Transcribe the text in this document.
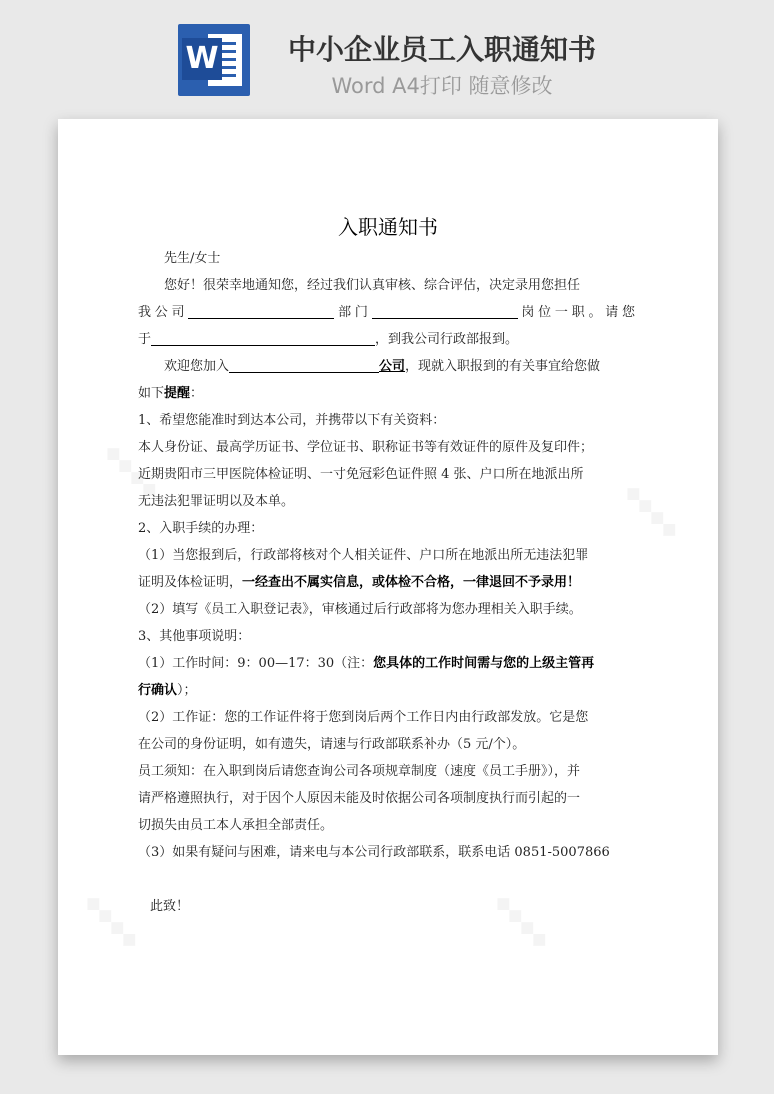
W	中小企业员工入职通知书
Word A4打印 随意修改
入职通知书

先生/女士

您好！很荣幸地通知您，经过我们认真审核、综合评估，决定录用您担任

我公司	部门	岗位一职。请您

于	，到我公司行政部报到。

欢迎您加入	公司，现就入职报到的有关事宜给您做

如下提醒：

1、希望您能准时到达本公司，并携带以下有关资料：

本人身份证、最高学历证书、学位证书、职称证书等有效证件的原件及复印件；

近期贵阳市三甲医院体检证明、一寸免冠彩色证件照 4 张、户口所在地派出所

无违法犯罪证明以及本单。

2、入职手续的办理：

（1）当您报到后，行政部将核对个人相关证件、户口所在地派出所无违法犯罪

证明及体检证明，一经查出不属实信息，或体检不合格，一律退回不予录用！

（2）填写《员工入职登记表》，审核通过后行政部将为您办理相关入职手续。

3、其他事项说明：

（1）工作时间：9：00—17：30（注：您具体的工作时间需与您的上级主管再

行确认）；

（2）工作证：您的工作证件将于您到岗后两个工作日内由行政部发放。它是您

在公司的身份证明，如有遗失，请速与行政部联系补办（5 元/个）。

员工须知：在入职到岗后请您查询公司各项规章制度（速度《员工手册》），并

请严格遵照执行，对于因个人原因未能及时依据公司各项制度执行而引起的一

切损失由员工本人承担全部责任。

（3）如果有疑问与困难，请来电与本公司行政部联系，联系电话 0851-5007866

此致！
